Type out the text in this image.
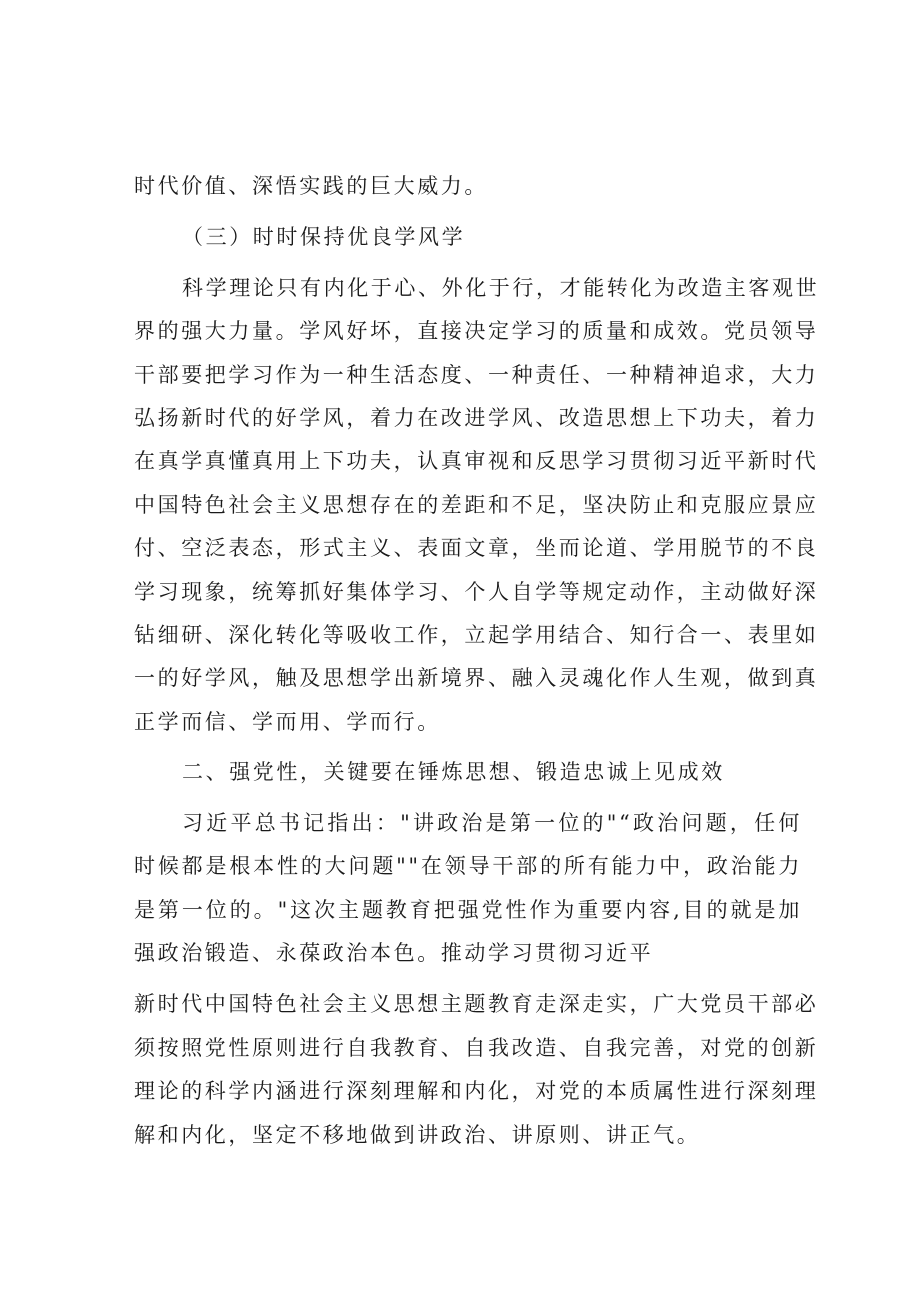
时代价值、深悟实践的巨大威力。
（三）时时保持优良学风学
科学理论只有内化于心、外化于行，才能转化为改造主客观世
界的强大力量。学风好坏，直接决定学习的质量和成效。党员领导
干部要把学习作为一种生活态度、一种责任、一种精神追求，大力
弘扬新时代的好学风，着力在改进学风、改造思想上下功夫，着力
在真学真懂真用上下功夫，认真审视和反思学习贯彻习近平新时代
中国特色社会主义思想存在的差距和不足，坚决防止和克服应景应
付、空泛表态，形式主义、表面文章，坐而论道、学用脱节的不良
学习现象，统筹抓好集体学习、个人自学等规定动作，主动做好深
钻细研、深化转化等吸收工作，立起学用结合、知行合一、表里如
一的好学风，触及思想学出新境界、融入灵魂化作人生观，做到真
正学而信、学而用、学而行。
二、强党性，关键要在锤炼思想、锻造忠诚上见成效
习近平总书记指出："讲政治是第一位的"“政治问题，任何
时候都是根本性的大问题""在领导干部的所有能力中，政治能力
是第一位的。"这次主题教育把强党性作为重要内容,目的就是加
强政治锻造、永葆政治本色。推动学习贯彻习近平
新时代中国特色社会主义思想主题教育走深走实，广大党员干部必
须按照党性原则进行自我教育、自我改造、自我完善，对党的创新
理论的科学内涵进行深刻理解和内化，对党的本质属性进行深刻理
解和内化，坚定不移地做到讲政治、讲原则、讲正气。
